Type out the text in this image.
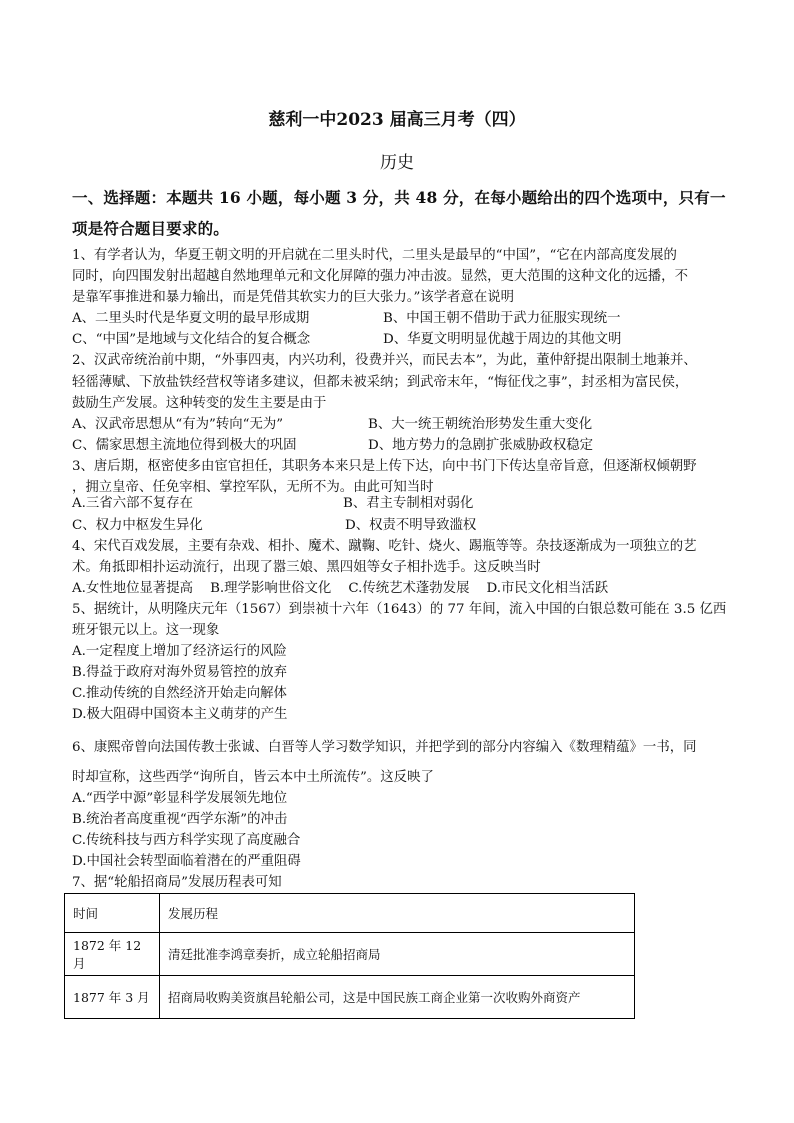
慈利一中2023 届高三月考（四）
历史
一、选择题：本题共 16 小题，每小题 3 分，共 48 分，在每小题给出的四个选项中，只有一
项是符合题目要求的。
1、有学者认为，华夏王朝文明的开启就在二里头时代，二里头是最早的“中国”，“它在内部高度发展的
同时，向四围发射出超越自然地理单元和文化屏障的强力冲击波。显然，更大范围的这种文化的远播，不
是靠军事推进和暴力输出，而是凭借其软实力的巨大张力。”该学者意在说明
A、二里头时代是华夏文明的最早形成期	B、中国王朝不借助于武力征服实现统一
C、“中国”是地域与文化结合的复合概念	D、华夏文明明显优越于周边的其他文明
2、汉武帝统治前中期，“外事四夷，内兴功利，役费并兴，而民去本”，为此，董仲舒提出限制土地兼并、
轻徭薄赋、下放盐铁经营权等诸多建议，但都未被采纳；到武帝末年，“悔征伐之事”，封丞相为富民侯，
鼓励生产发展。这种转变的发生主要是由于
A、汉武帝思想从“有为”转向“无为”	B、大一统王朝统治形势发生重大变化
C、儒家思想主流地位得到极大的巩固	D、地方势力的急剧扩张威胁政权稳定
3、唐后期，枢密使多由宦官担任，其职务本来只是上传下达，向中书门下传达皇帝旨意，但逐渐权倾朝野
，拥立皇帝、任免宰相、掌控军队，无所不为。由此可知当时
A.三省六部不复存在	B、君主专制相对弱化
C、权力中枢发生异化	D、权责不明导致滥权
4、宋代百戏发展，主要有杂戏、相扑、魔术、蹴鞠、吃针、烧火、踢瓶等等。杂技逐渐成为一项独立的艺
术。角抵即相扑运动流行，出现了嚣三娘、黑四姐等女子相扑选手。这反映当时
A.女性地位显著提高    B.理学影响世俗文化    C.传统艺术蓬勃发展    D.市民文化相当活跃
5、据统计，从明隆庆元年（1567）到崇祯十六年（1643）的 77 年间，流入中国的白银总数可能在 3.5 亿西
班牙银元以上。这一现象
A.一定程度上增加了经济运行的风险
B.得益于政府对海外贸易管控的放弃
C.推动传统的自然经济开始走向解体
D.极大阻碍中国资本主义萌芽的产生
6、康熙帝曾向法国传教士张诚、白晋等人学习数学知识，并把学到的部分内容编入《数理精蕴》一书，同
时却宣称，这些西学“询所自，皆云本中土所流传”。这反映了
A.“西学中源”彰显科学发展领先地位
B.统治者高度重视“西学东渐”的冲击
C.传统科技与西方科学实现了高度融合
D.中国社会转型面临着潜在的严重阻碍
7、据“轮船招商局”发展历程表可知
时间	发展历程
1872 年 12 月	清廷批准李鸿章奏折，成立轮船招商局
1877 年 3 月	招商局收购美资旗昌轮船公司，这是中国民族工商企业第一次收购外商资产
